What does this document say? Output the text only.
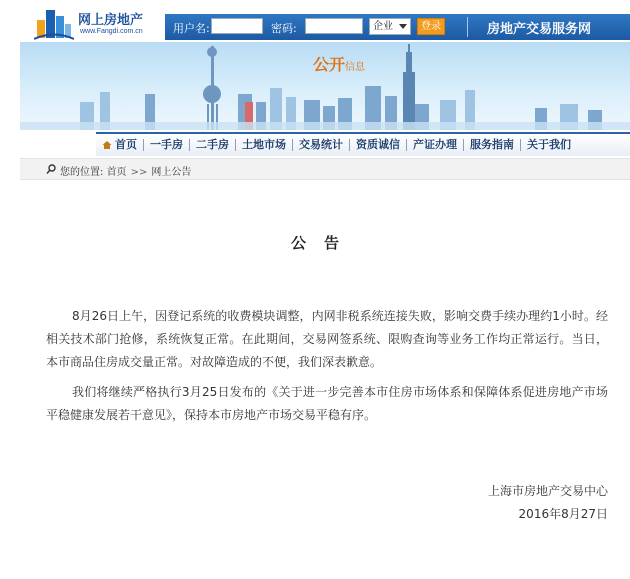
网上房地产
www.Fangdi.com.cn	用户名:	密码:	企业	登录	房地产交易服务网
公开信息
首页	一手房	二手房	土地市场	交易统计	资质诚信	产证办理	服务指南	关于我们
您的位置: 首页 >> 网上公告
公告

8月26日上午，因登记系统的收费模块调整，内网非税系统连接失败，影响交费手续办理约1小时。经相关技术部门抢修，系统恢复正常。在此期间，交易网签系统、限购查询等业务工作均正常运行。当日，本市商品住房成交量正常。对故障造成的不便，我们深表歉意。

我们将继续严格执行3月25日发布的《关于进一步完善本市住房市场体系和保障体系促进房地产市场平稳健康发展若干意见》，保持本市房地产市场交易平稳有序。

上海市房地产交易中心
2016年8月27日
